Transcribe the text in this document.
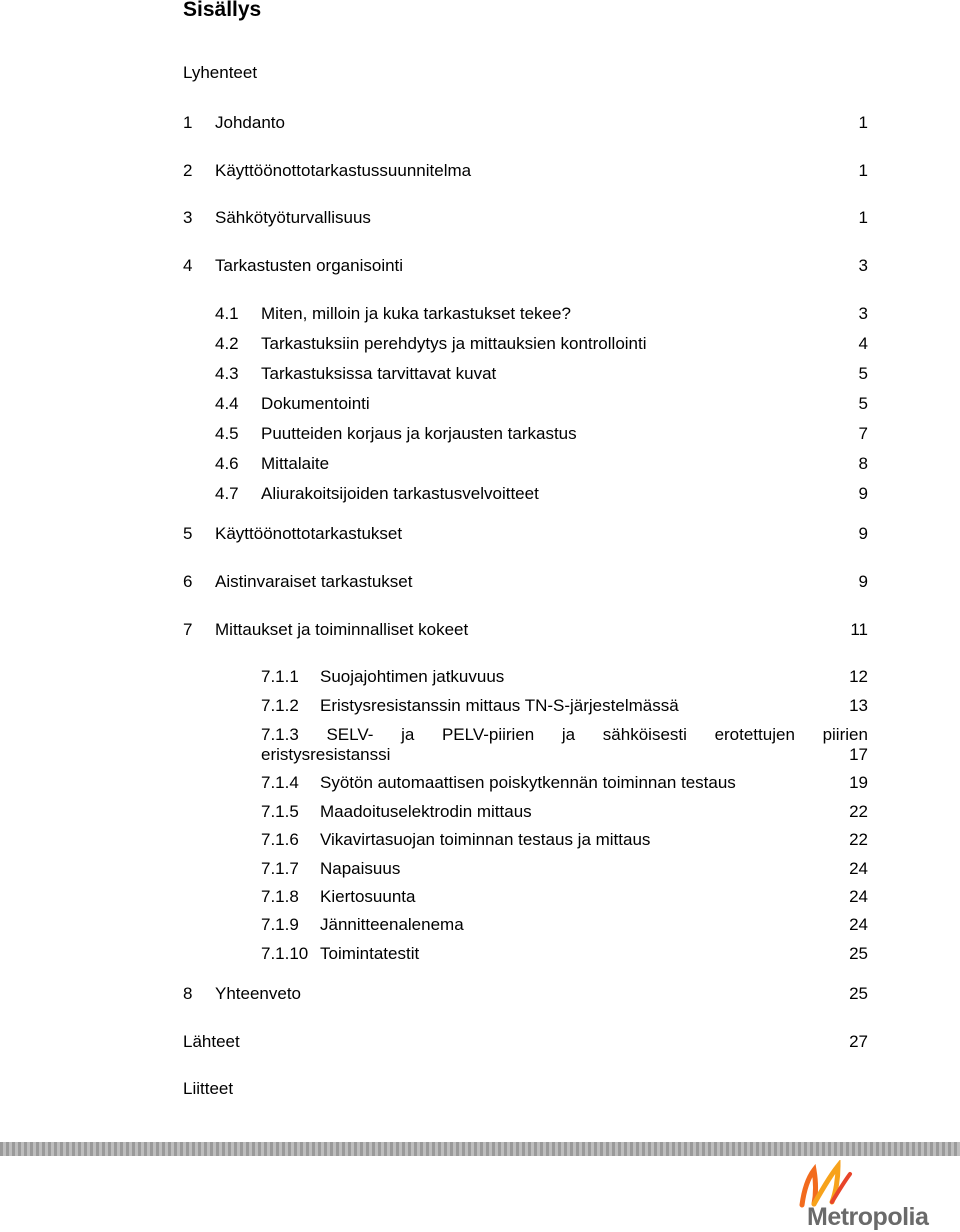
Sisällys
Lyhenteet
1 Johdanto	1
2 Käyttöönottotarkastussuunnitelma	1
3 Sähkötyöturvallisuus	1
4 Tarkastusten organisointi	3
4.1 Miten, milloin ja kuka tarkastukset tekee?	3
4.2 Tarkastuksiin perehdytys ja mittauksien kontrollointi	4
4.3 Tarkastuksissa tarvittavat kuvat	5
4.4 Dokumentointi	5
4.5 Puutteiden korjaus ja korjausten tarkastus	7
4.6 Mittalaite	8
4.7 Aliurakoitsijoiden tarkastusvelvoitteet	9
5 Käyttöönottotarkastukset	9
6 Aistinvaraiset tarkastukset	9
7 Mittaukset ja toiminnalliset kokeet	11
7.1.1 Suojajohtimen jatkuvuus	12
7.1.2 Eristysresistanssin mittaus TN-S-järjestelmässä	13
7.1.3 SELV- ja PELV-piirien ja sähköisesti erotettujen piirien
eristysresistanssi	17
7.1.4 Syötön automaattisen poiskytkennän toiminnan testaus	19
7.1.5 Maadoituselektrodin mittaus	22
7.1.6 Vikavirtasuojan toiminnan testaus ja mittaus	22
7.1.7 Napaisuus	24
7.1.8 Kiertosuunta	24
7.1.9 Jännitteenalenema	24
7.1.10 Toimintatestit	25
8 Yhteenveto	25
Lähteet	27
Liitteet
Metropolia
